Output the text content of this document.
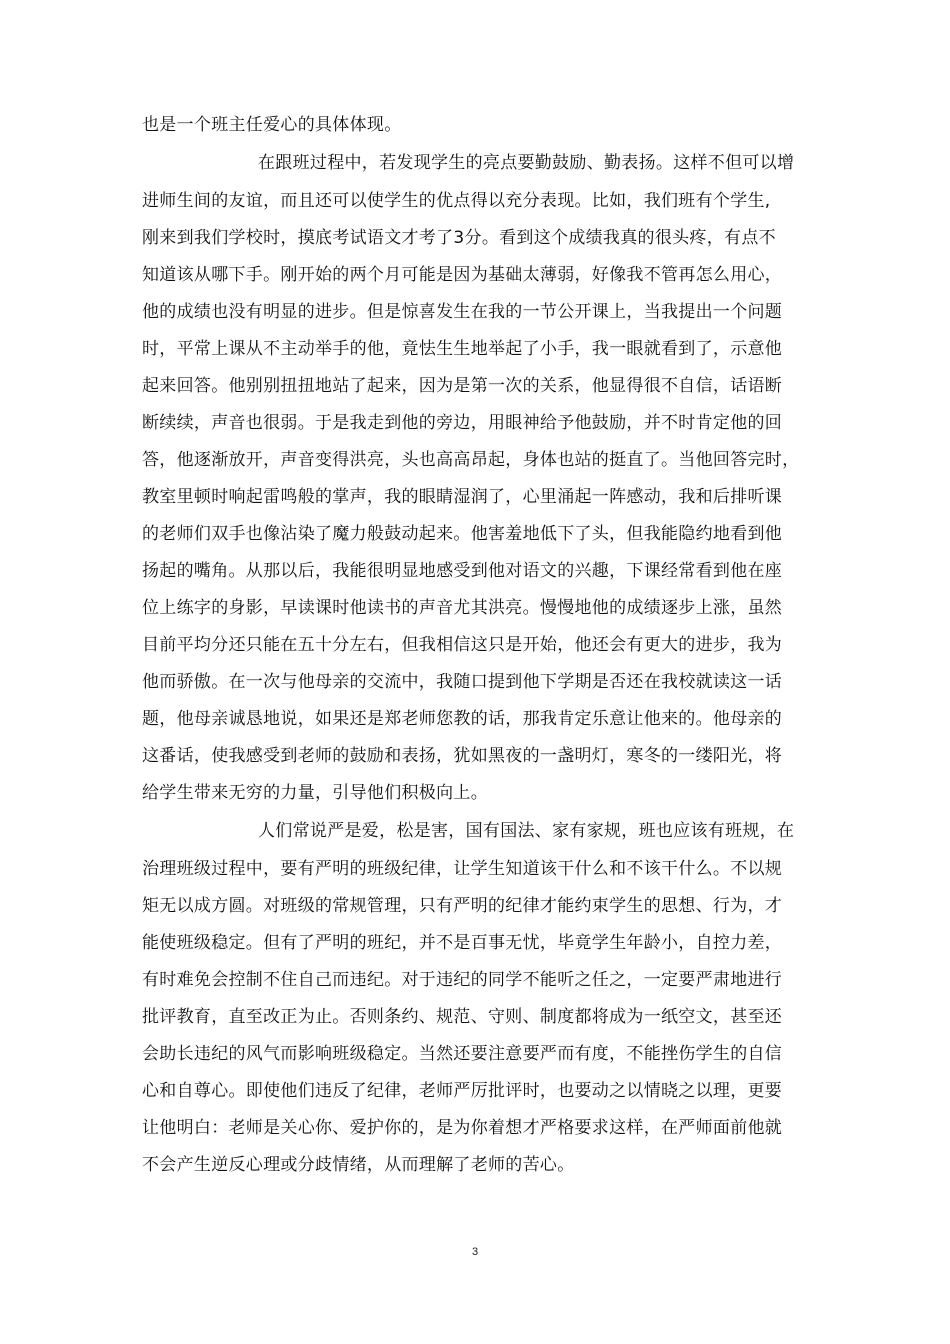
也是一个班主任爱心的具体体现。
在跟班过程中，若发现学生的亮点要勤鼓励、勤表扬。这样不但可以增
进师生间的友谊，而且还可以使学生的优点得以充分表现。比如，我们班有个学生,
刚来到我们学校时，摸底考试语文才考了3分。看到这个成绩我真的很头疼，有点不
知道该从哪下手。刚开始的两个月可能是因为基础太薄弱，好像我不管再怎么用心，
他的成绩也没有明显的进步。但是惊喜发生在我的一节公开课上，当我提出一个问题
时，平常上课从不主动举手的他，竟怯生生地举起了小手，我一眼就看到了，示意他
起来回答。他别别扭扭地站了起来，因为是第一次的关系，他显得很不自信，话语断
断续续，声音也很弱。于是我走到他的旁边，用眼神给予他鼓励，并不时肯定他的回
答，他逐渐放开，声音变得洪亮，头也高高昂起，身体也站的挺直了。当他回答完时，
教室里顿时响起雷鸣般的掌声，我的眼睛湿润了，心里涌起一阵感动，我和后排听课
的老师们双手也像沾染了魔力般鼓动起来。他害羞地低下了头，但我能隐约地看到他
扬起的嘴角。从那以后，我能很明显地感受到他对语文的兴趣，下课经常看到他在座
位上练字的身影，早读课时他读书的声音尤其洪亮。慢慢地他的成绩逐步上涨，虽然
目前平均分还只能在五十分左右，但我相信这只是开始，他还会有更大的进步，我为
他而骄傲。在一次与他母亲的交流中，我随口提到他下学期是否还在我校就读这一话
题，他母亲诚恳地说，如果还是郑老师您教的话，那我肯定乐意让他来的。他母亲的
这番话，使我感受到老师的鼓励和表扬，犹如黑夜的一盏明灯，寒冬的一缕阳光，将
给学生带来无穷的力量，引导他们积极向上。
人们常说严是爱，松是害，国有国法、家有家规，班也应该有班规，在
治理班级过程中，要有严明的班级纪律，让学生知道该干什么和不该干什么。不以规
矩无以成方圆。对班级的常规管理，只有严明的纪律才能约束学生的思想、行为，才
能使班级稳定。但有了严明的班纪，并不是百事无忧，毕竟学生年龄小，自控力差，
有时难免会控制不住自己而违纪。对于违纪的同学不能听之任之，一定要严肃地进行
批评教育，直至改正为止。否则条约、规范、守则、制度都将成为一纸空文，甚至还
会助长违纪的风气而影响班级稳定。当然还要注意要严而有度，不能挫伤学生的自信
心和自尊心。即使他们违反了纪律，老师严厉批评时，也要动之以情晓之以理，更要
让他明白：老师是关心你、爱护你的，是为你着想才严格要求这样，在严师面前他就
不会产生逆反心理或分歧情绪，从而理解了老师的苦心。
3
